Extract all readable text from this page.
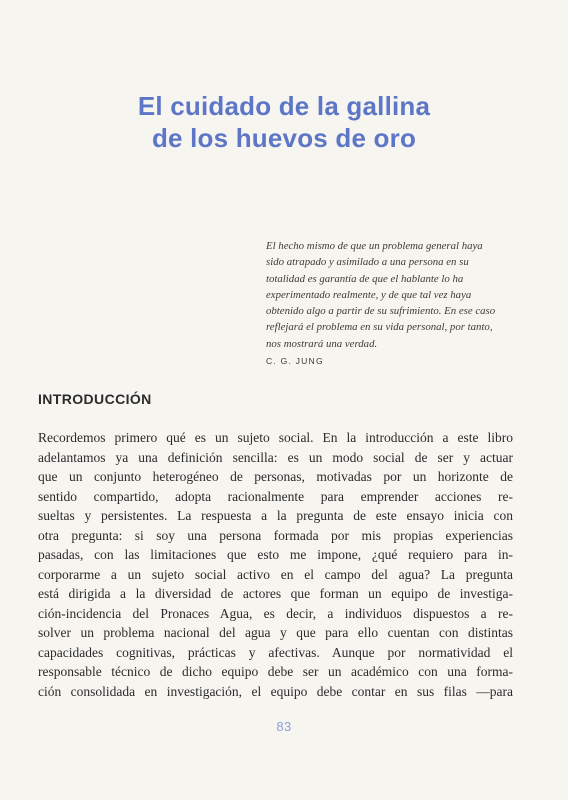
El cuidado de la gallina
de los huevos de oro
El hecho mismo de que un problema general haya
sido atrapado y asimilado a una persona en su
totalidad es garantía de que el hablante lo ha
experimentado realmente, y de que tal vez haya
obtenido algo a partir de su sufrimiento. En ese caso
reflejará el problema en su vida personal, por tanto,
nos mostrará una verdad.
C. G. JUNG
INTRODUCCIÓN
Recordemos primero qué es un sujeto social. En la introducción a este libro
adelantamos ya una definición sencilla: es un modo social de ser y actuar
que un conjunto heterogéneo de personas, motivadas por un horizonte de
sentido compartido, adopta racionalmente para emprender acciones re-
sueltas y persistentes. La respuesta a la pregunta de este ensayo inicia con
otra pregunta: si soy una persona formada por mis propias experiencias
pasadas, con las limitaciones que esto me impone, ¿qué requiero para in-
corporarme a un sujeto social activo en el campo del agua? La pregunta
está dirigida a la diversidad de actores que forman un equipo de investiga-
ción-incidencia del Pronaces Agua, es decir, a individuos dispuestos a re-
solver un problema nacional del agua y que para ello cuentan con distintas
capacidades cognitivas, prácticas y afectivas. Aunque por normatividad el
responsable técnico de dicho equipo debe ser un académico con una forma-
ción consolidada en investigación, el equipo debe contar en sus filas —para
83
